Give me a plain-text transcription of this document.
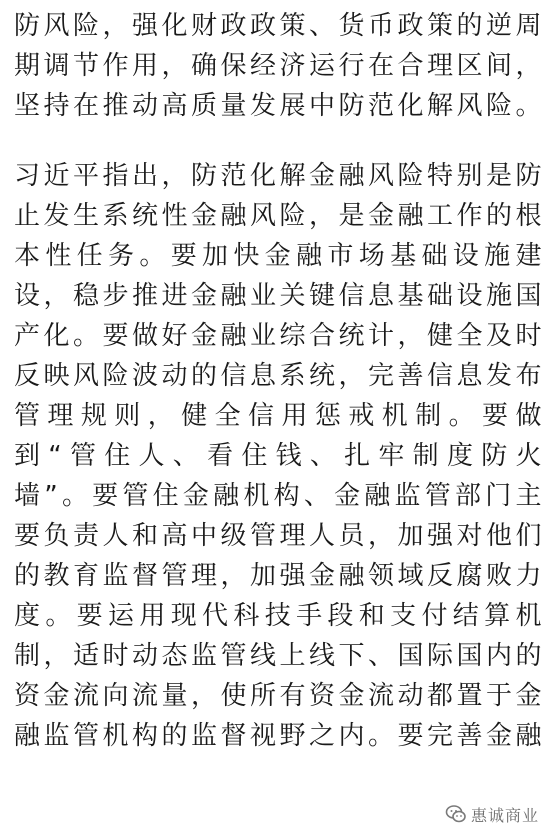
防风险，强化财政政策、货币政策的逆周
期调节作用，确保经济运行在合理区间，
坚持在推动高质量发展中防范化解风险。
习近平指出，防范化解金融风险特别是防
止发生系统性金融风险，是金融工作的根
本性任务。要加快金融市场基础设施建
设，稳步推进金融业关键信息基础设施国
产化。要做好金融业综合统计，健全及时
反映风险波动的信息系统，完善信息发布
管理规则，健全信用惩戒机制。要做
到“管住人、看住钱、扎牢制度防火
墙”。要管住金融机构、金融监管部门主
要负责人和高中级管理人员，加强对他们
的教育监督管理，加强金融领域反腐败力
度。要运用现代科技手段和支付结算机
制，适时动态监管线上线下、国际国内的
资金流向流量，使所有资金流动都置于金
融监管机构的监督视野之内。要完善金融
惠诚商业
